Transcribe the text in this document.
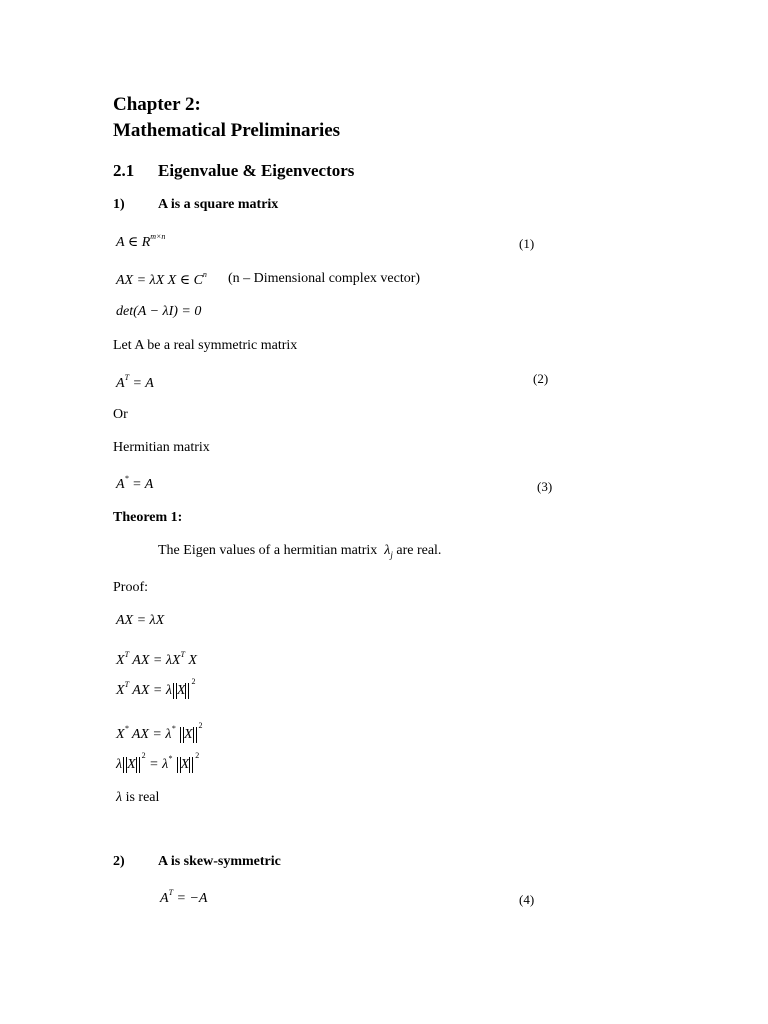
Chapter 2:
Mathematical Preliminaries
2.1 Eigenvalue & Eigenvectors
1) A is a square matrix
A ∈ $R^{m\times n}$	(1)
AX = λX X ∈ $C^n$ (n – Dimensional complex vector)
det(A − λI) = 0
Let A be a real symmetric matrix
$A^T = A$	(2)
Or
Hermitian matrix
A* = A	(3)
Theorem 1:
The Eigen values of a hermitian matrix $\lambda_j$ are real.
Proof:
AX = λX
$X^T$ AX = $\lambda X^T$ X
$X^T$ AX = λ $X^2$
X* AX = λ* $X^2$
λ $X^2 = \lambda^*$ $X^2$
λ is real
2) A is skew-symmetric
$A^T = -A$	(4)
